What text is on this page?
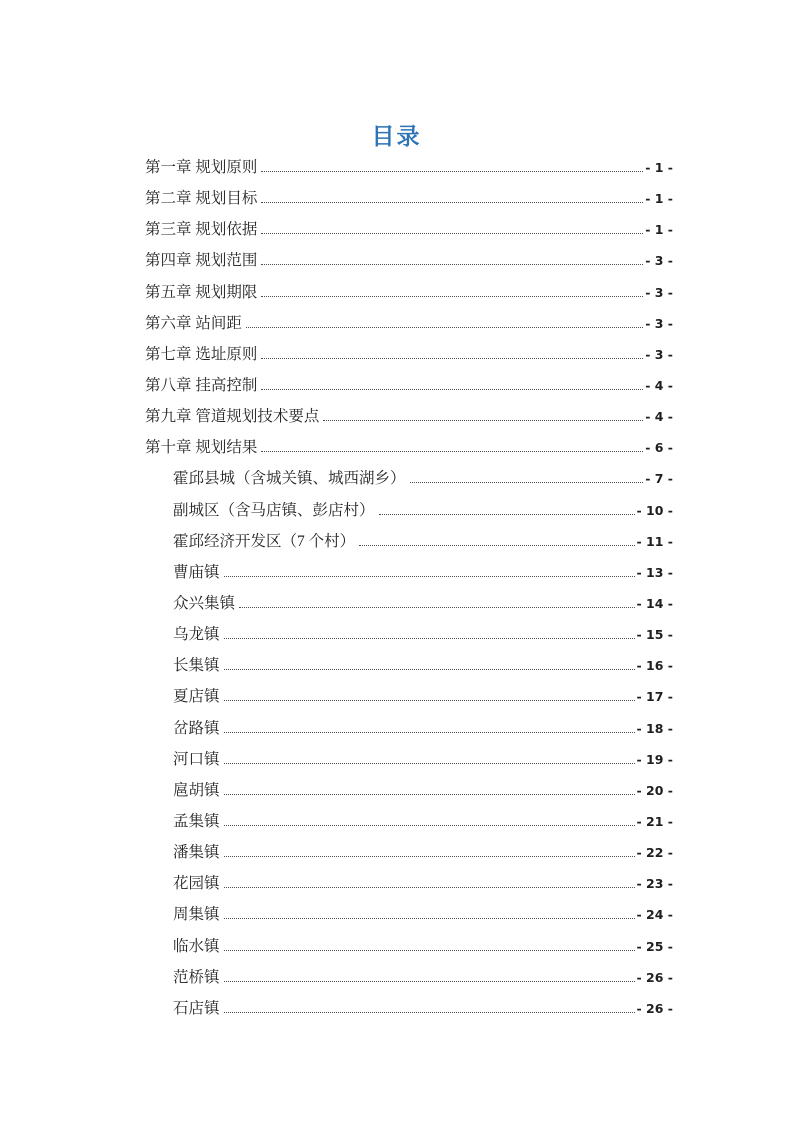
目录
第一章 规划原则	- 1 -
第二章 规划目标	- 1 -
第三章 规划依据	- 1 -
第四章 规划范围	- 3 -
第五章 规划期限	- 3 -
第六章 站间距	- 3 -
第七章 选址原则	- 3 -
第八章 挂高控制	- 4 -
第九章 管道规划技术要点	- 4 -
第十章 规划结果	- 6 -
霍邱县城（含城关镇、城西湖乡）	- 7 -
副城区（含马店镇、彭店村）	- 10 -
霍邱经济开发区（7 个村）	- 11 -
曹庙镇	- 13 -
众兴集镇	- 14 -
乌龙镇	- 15 -
长集镇	- 16 -
夏店镇	- 17 -
岔路镇	- 18 -
河口镇	- 19 -
扈胡镇	- 20 -
孟集镇	- 21 -
潘集镇	- 22 -
花园镇	- 23 -
周集镇	- 24 -
临水镇	- 25 -
范桥镇	- 26 -
石店镇	- 26 -
